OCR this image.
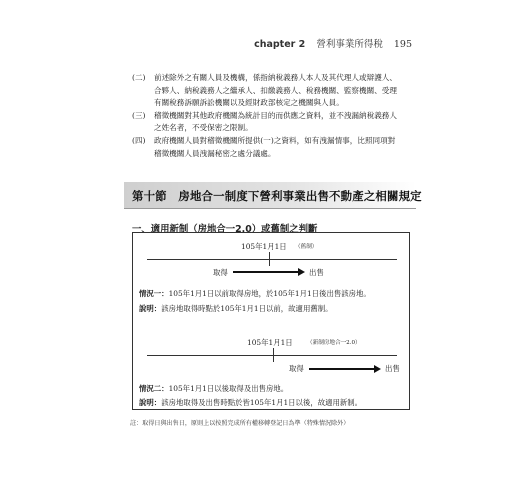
chapter 2 營利事業所得稅 195
(二) 前述除外之有關人員及機構，係指納稅義務人本人及其代理人或辯護人、
合夥人、納稅義務人之繼承人、扣繳義務人、稅務機關、監察機關、受理
有關稅務訴願訴訟機關以及經財政部核定之機關與人員。
(三) 稽徵機關對其他政府機關為統計目的而供應之資料，並不洩漏納稅義務人
之姓名者，不受保密之限制。
(四) 政府機關人員對稽徵機關所提供(一)之資料，如有洩漏情事，比照同項對
稽徵機關人員洩漏秘密之處分議處。
第十節　房地合一制度下營利事業出售不動產之相關規定
一、適用新制（房地合一2.0）或舊制之判斷
105年1月1日 （舊制）
取得	出售
情況一：105年1月1日以前取得房地，於105年1月1日後出售該房地。
說明：該房地取得時點於105年1月1日以前，故適用舊制。
105年1月1日	（新制房地合一2.0）
取得	出售
情況二：105年1月1日以後取得及出售房地。
說明：該房地取得及出售時點於皆105年1月1日以後，故適用新制。
註：取得日與出售日，原則上以按照完成所有權移轉登記日為準（特殊情況除外）
